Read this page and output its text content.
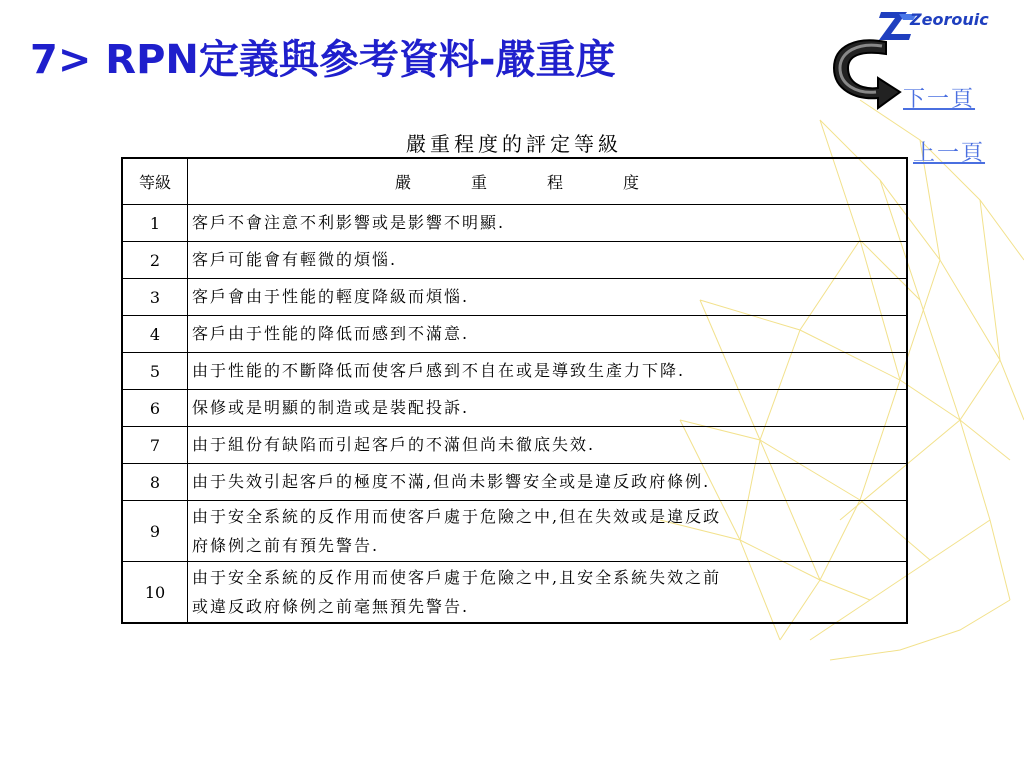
7> RPN定義與參考資料-嚴重度
Zeorouic
下一頁
上一頁
嚴重程度的評定等級
等級	嚴重程度
1	客戶不會注意不利影響或是影響不明顯.

2	客戶可能會有輕微的煩惱.

3	客戶會由于性能的輕度降級而煩惱.

4	客戶由于性能的降低而感到不滿意.

5	由于性能的不斷降低而使客戶感到不自在或是導致生產力下降.

6	保修或是明顯的制造或是裝配投訴.

7	由于組份有缺陷而引起客戶的不滿但尚未徹底失效.

8	由于失效引起客戶的極度不滿,但尚未影響安全或是違反政府條例.

9	由于安全系統的反作用而使客戶處于危險之中,但在失效或是違反政
府條例之前有預先警告.

10	由于安全系統的反作用而使客戶處于危險之中,且安全系統失效之前
或違反政府條例之前毫無預先警告.
